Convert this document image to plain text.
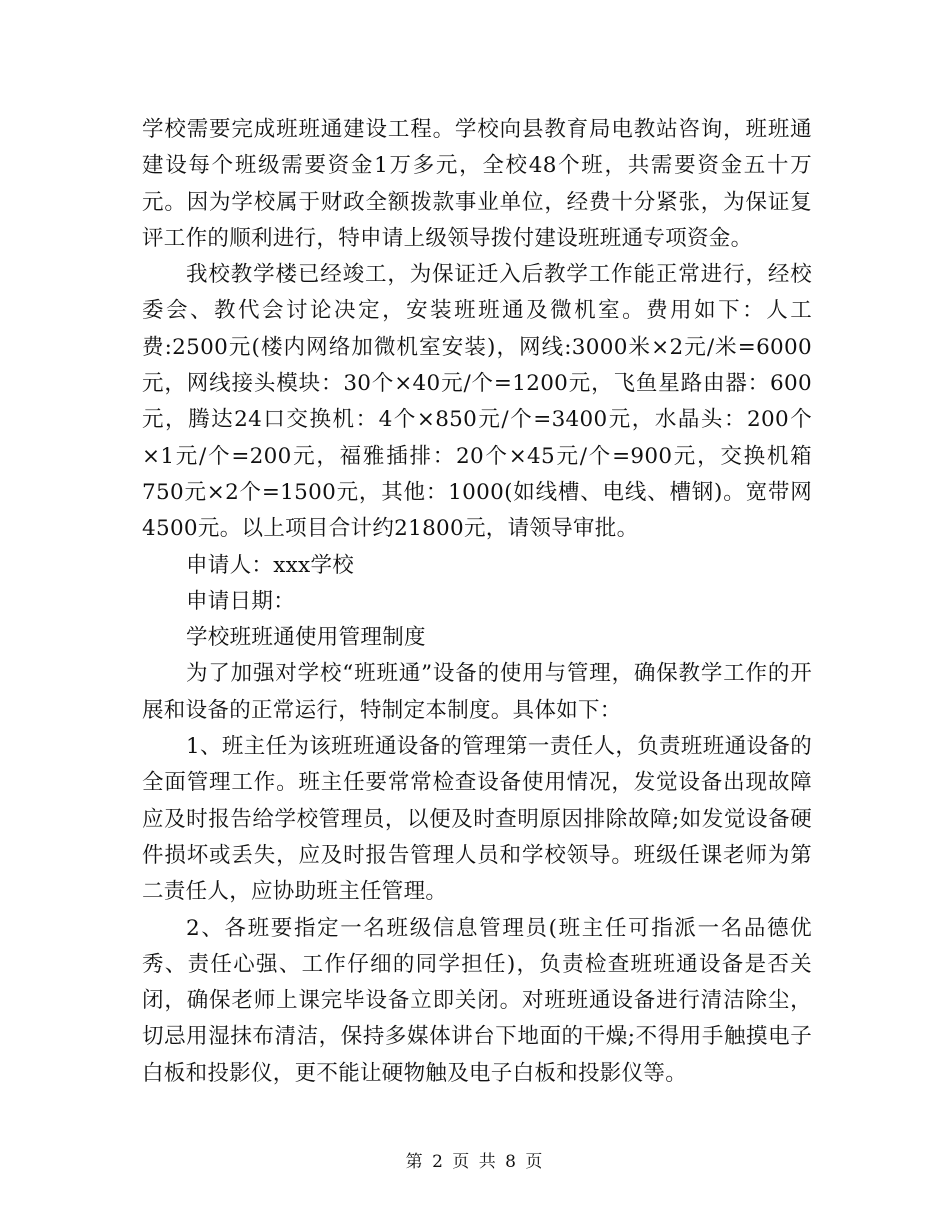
学校需要完成班班通建设工程。学校向县教育局电教站咨询，班班通建设每个班级需要资金1万多元，全校48个班，共需要资金五十万元。因为学校属于财政全额拨款事业单位，经费十分紧张，为保证复评工作的顺利进行，特申请上级领导拨付建设班班通专项资金。

我校教学楼已经竣工，为保证迁入后教学工作能正常进行，经校委会、教代会讨论决定，安装班班通及微机室。费用如下：人工费:2500元(楼内网络加微机室安装)，网线:3000米×2元/米=6000元，网线接头模块：30个×40元/个=1200元，飞鱼星路由器：600元，腾达24口交换机：4个×850元/个=3400元，水晶头：200个×1元/个=200元，福雅插排：20个×45元/个=900元，交换机箱750元×2个=1500元，其他：1000(如线槽、电线、槽钢)。宽带网4500元。以上项目合计约21800元，请领导审批。

申请人：xxx学校

申请日期：

学校班班通使用管理制度

为了加强对学校“班班通”设备的使用与管理，确保教学工作的开展和设备的正常运行，特制定本制度。具体如下：

1、班主任为该班班通设备的管理第一责任人，负责班班通设备的全面管理工作。班主任要常常检查设备使用情况，发觉设备出现故障应及时报告给学校管理员，以便及时查明原因排除故障;如发觉设备硬件损坏或丢失，应及时报告管理人员和学校领导。班级任课老师为第二责任人，应协助班主任管理。

2、各班要指定一名班级信息管理员(班主任可指派一名品德优秀、责任心强、工作仔细的同学担任)，负责检查班班通设备是否关闭，确保老师上课完毕设备立即关闭。对班班通设备进行清洁除尘，切忌用湿抹布清洁，保持多媒体讲台下地面的干燥;不得用手触摸电子白板和投影仪，更不能让硬物触及电子白板和投影仪等。

第 2 页 共 8 页
